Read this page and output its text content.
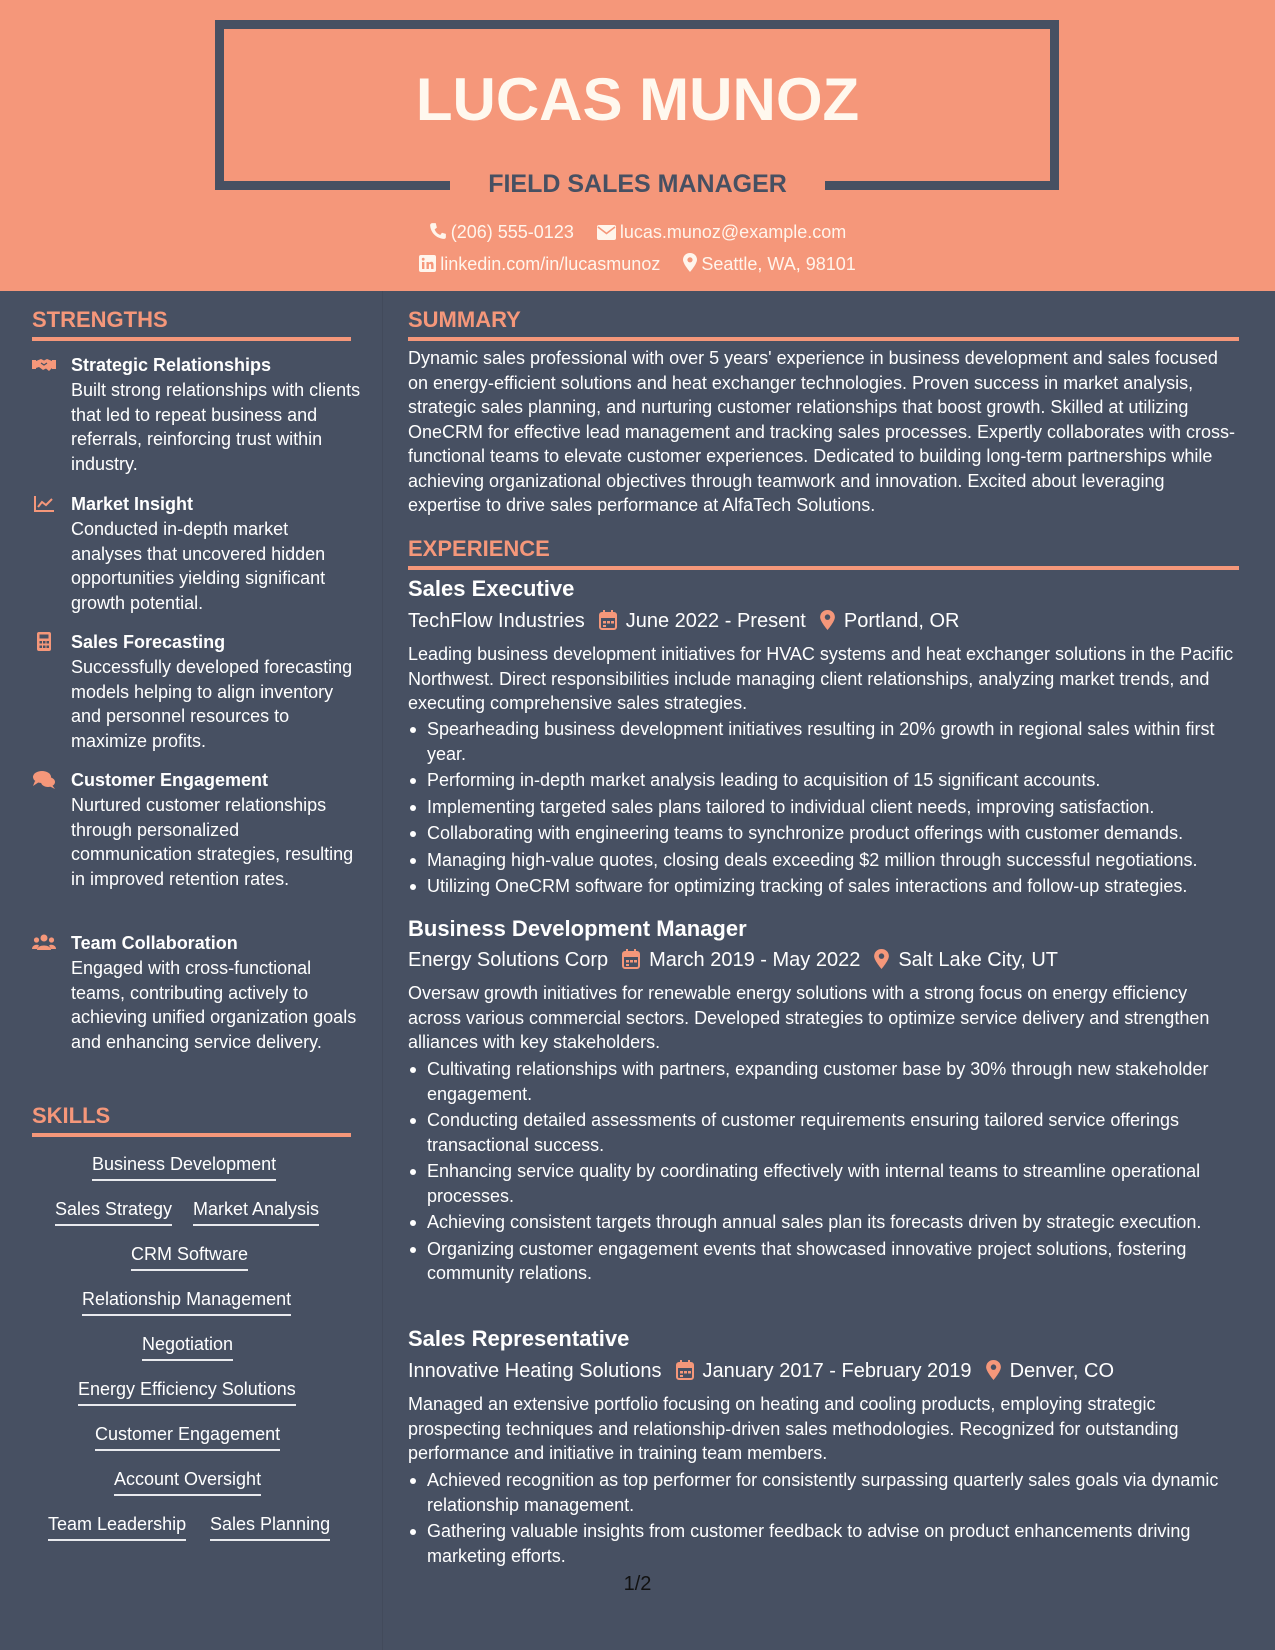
LUCAS MUNOZ
FIELD SALES MANAGER
(206) 555-0123	lucas.munoz@example.com
linkedin.com/in/lucasmunoz Seattle, WA, 98101
STRENGTHS
Strategic Relationships
Built strong relationships with clients that led to repeat business and referrals, reinforcing trust within industry.
Market Insight
Conducted in-depth market analyses that uncovered hidden opportunities yielding significant growth potential.
Sales Forecasting
Successfully developed forecasting models helping to align inventory and personnel resources to maximize profits.
Customer Engagement
Nurtured customer relationships through personalized communication strategies, resulting in improved retention rates.
Team Collaboration
Engaged with cross-functional teams, contributing actively to achieving unified organization goals and enhancing service delivery.
SKILLS
Business Development
Sales Strategy Market Analysis
CRM Software
Relationship Management
Negotiation
Energy Efficiency Solutions
Customer Engagement
Account Oversight
Team Leadership Sales Planning
SUMMARY
Dynamic sales professional with over 5 years' experience in business development and sales focused on energy-efficient solutions and heat exchanger technologies. Proven success in market analysis, strategic sales planning, and nurturing customer relationships that boost growth. Skilled at utilizing OneCRM for effective lead management and tracking sales processes. Expertly collaborates with cross-functional teams to elevate customer experiences. Dedicated to building long-term partnerships while achieving organizational objectives through teamwork and innovation. Excited about leveraging expertise to drive sales performance at AlfaTech Solutions.
EXPERIENCE
Sales Executive
TechFlow Industries June 2022 - Present Portland, OR
Leading business development initiatives for HVAC systems and heat exchanger solutions in the Pacific Northwest. Direct responsibilities include managing client relationships, analyzing market trends, and executing comprehensive sales strategies.
Spearheading business development initiatives resulting in 20% growth in regional sales within first year.
Performing in-depth market analysis leading to acquisition of 15 significant accounts.
Implementing targeted sales plans tailored to individual client needs, improving satisfaction.
Collaborating with engineering teams to synchronize product offerings with customer demands.
Managing high-value quotes, closing deals exceeding $2 million through successful negotiations.
Utilizing OneCRM software for optimizing tracking of sales interactions and follow-up strategies.
Business Development Manager
Energy Solutions Corp March 2019 - May 2022 Salt Lake City, UT
Oversaw growth initiatives for renewable energy solutions with a strong focus on energy efficiency across various commercial sectors. Developed strategies to optimize service delivery and strengthen alliances with key stakeholders.
Cultivating relationships with partners, expanding customer base by 30% through new stakeholder engagement.
Conducting detailed assessments of customer requirements ensuring tailored service offerings transactional success.
Enhancing service quality by coordinating effectively with internal teams to streamline operational processes.
Achieving consistent targets through annual sales plan its forecasts driven by strategic execution.
Organizing customer engagement events that showcased innovative project solutions, fostering community relations.
Sales Representative
Innovative Heating Solutions January 2017 - February 2019 Denver, CO
Managed an extensive portfolio focusing on heating and cooling products, employing strategic prospecting techniques and relationship-driven sales methodologies. Recognized for outstanding performance and initiative in training team members.
Achieved recognition as top performer for consistently surpassing quarterly sales goals via dynamic relationship management.
Gathering valuable insights from customer feedback to advise on product enhancements driving marketing efforts.
1/2
